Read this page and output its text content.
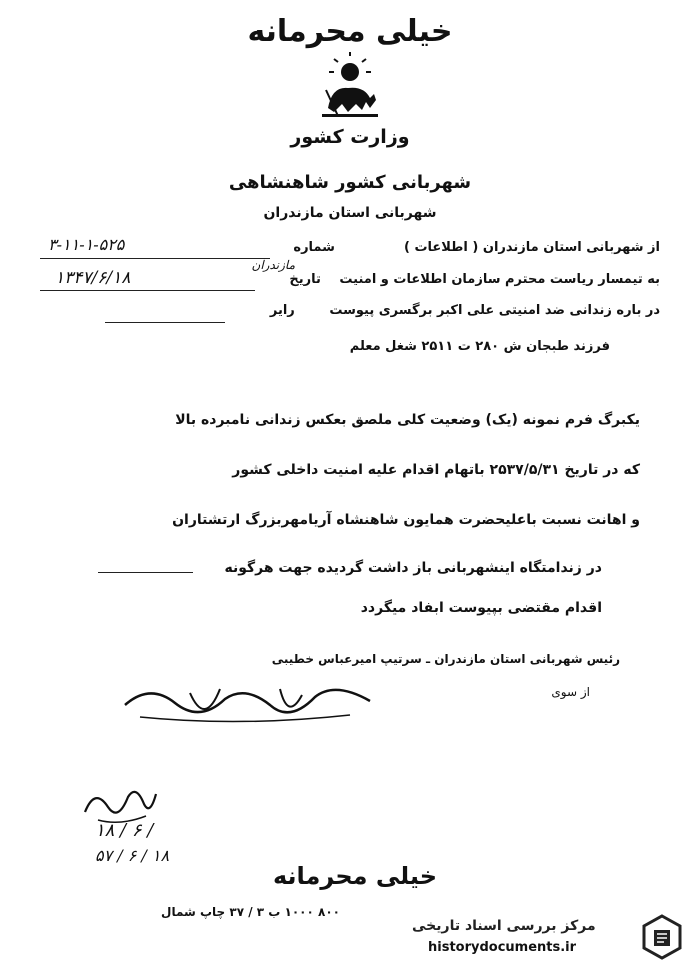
خیلی محرمانه
وزارت کشور
شهربانی کشور شاهنشاهی
شهربانی استان مازندران
از شهربانی استان مازندران ( اطلاعات )  شماره
۳-۱۱-۱-۵۲۵
به تیمسار ریاست محترم سازمان اطلاعات و امنیت تاریخ
مازندران
۱۳۴۷/۶/۱۸
در باره زندانی ضد امنیتی علی اکبر برگسری پیوست رایر
فرزند طبجان ش ۲۸۰ ت ۲۵۱۱ شغل معلم
یکبرگ فرم نمونه (یک) وضعیت کلی ملصق بعکس زندانی نامبرده بالا
که در تاریخ ۲۵۳۷/۵/۳۱ باتهام اقدام علیه امنیت داخلی کشور
و اهانت نسبت باعلیحضرت همایون شاهنشاه آریامهربزرگ ارتشتاران
در زندامتگاه اینشهربانی باز داشت گردیده جهت هرگونه
اقدام مقتضی بپیوست ابفاد میگردد
رئیس شهربانی استان مازندران ـ سرتیپ امیرعباس خطیبی
از سوی
۱۸ / ۶ /
۵۷ / ۶ / ۱۸
خیلی محرمانه
۸۰۰ ۱۰۰۰ ب ۳ / ۳۷ چاپ شمال
مرکز بررسی اسناد تاریخی
historydocuments.ir
